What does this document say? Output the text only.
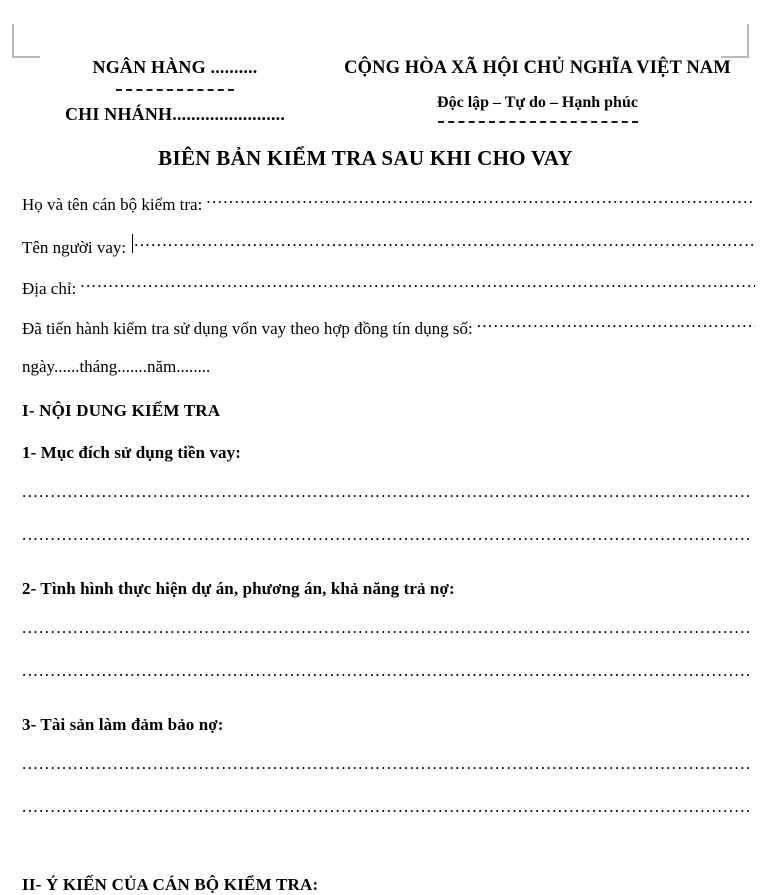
NGÂN HÀNG ..........
CHI NHÁNH........................
CỘNG HÒA XÃ HỘI CHỦ NGHĨA VIỆT NAM
Độc lập – Tự do – Hạnh phúc
BIÊN BẢN KIỂM TRA SAU KHI CHO VAY
Họ và tên cán bộ kiểm tra:
.....
Tên người vay:
.....
Địa chỉ:
.....
Đã tiến hành kiểm tra sử dụng vốn vay theo hợp đồng tín dụng số:
.....
ngày......tháng.......năm........
I- NỘI DUNG KIỂM TRA
1- Mục đích sử dụng tiền vay:
.....
.....
2- Tình hình thực hiện dự án, phương án, khả năng trả nợ:
.....
.....
3- Tài sản làm đảm bảo nợ:
.....
.....
II- Ý KIẾN CỦA CÁN BỘ KIỂM TRA:
